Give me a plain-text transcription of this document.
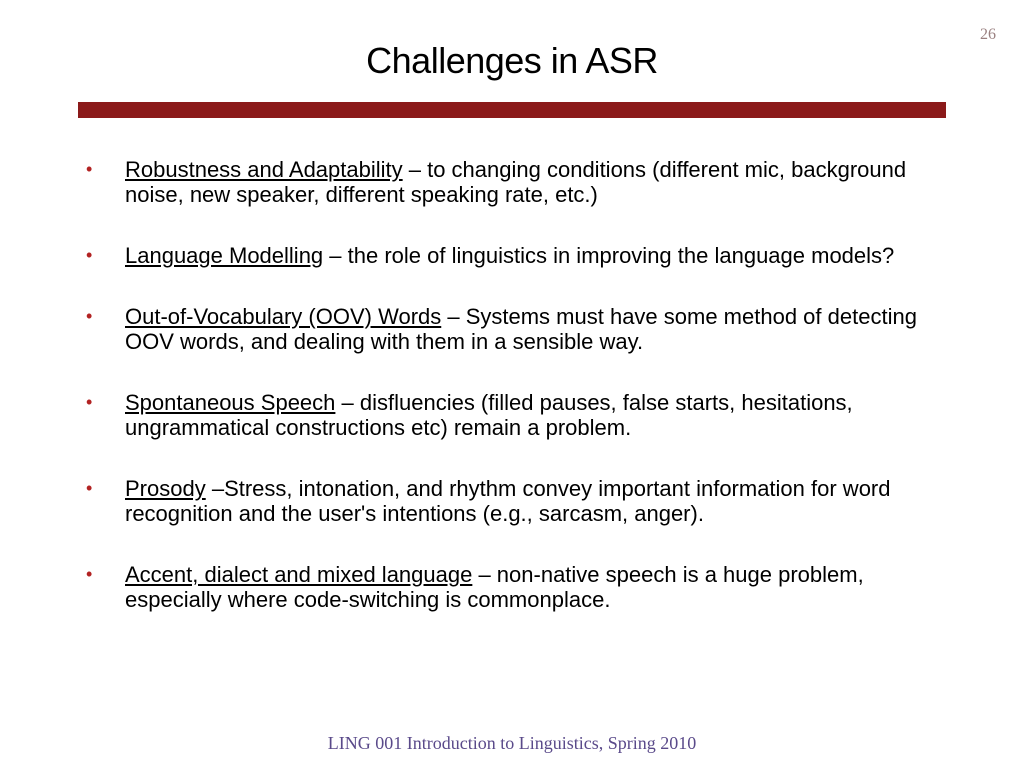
26
Challenges in ASR
• Robustness and Adaptability – to changing conditions (different mic, background noise, new speaker, different speaking rate, etc.)
• Language Modelling – the role of linguistics in improving the language models?
• Out-of-Vocabulary (OOV) Words – Systems must have some method of detecting OOV words, and dealing with them in a sensible way.
• Spontaneous Speech – disfluencies (filled pauses, false starts, hesitations, ungrammatical constructions etc) remain a problem.
• Prosody –Stress, intonation, and rhythm convey important information for word recognition and the user's intentions (e.g., sarcasm, anger).
• Accent, dialect and mixed language – non-native speech is a huge problem, especially where code-switching is commonplace.
LING 001 Introduction to Linguistics, Spring 2010
